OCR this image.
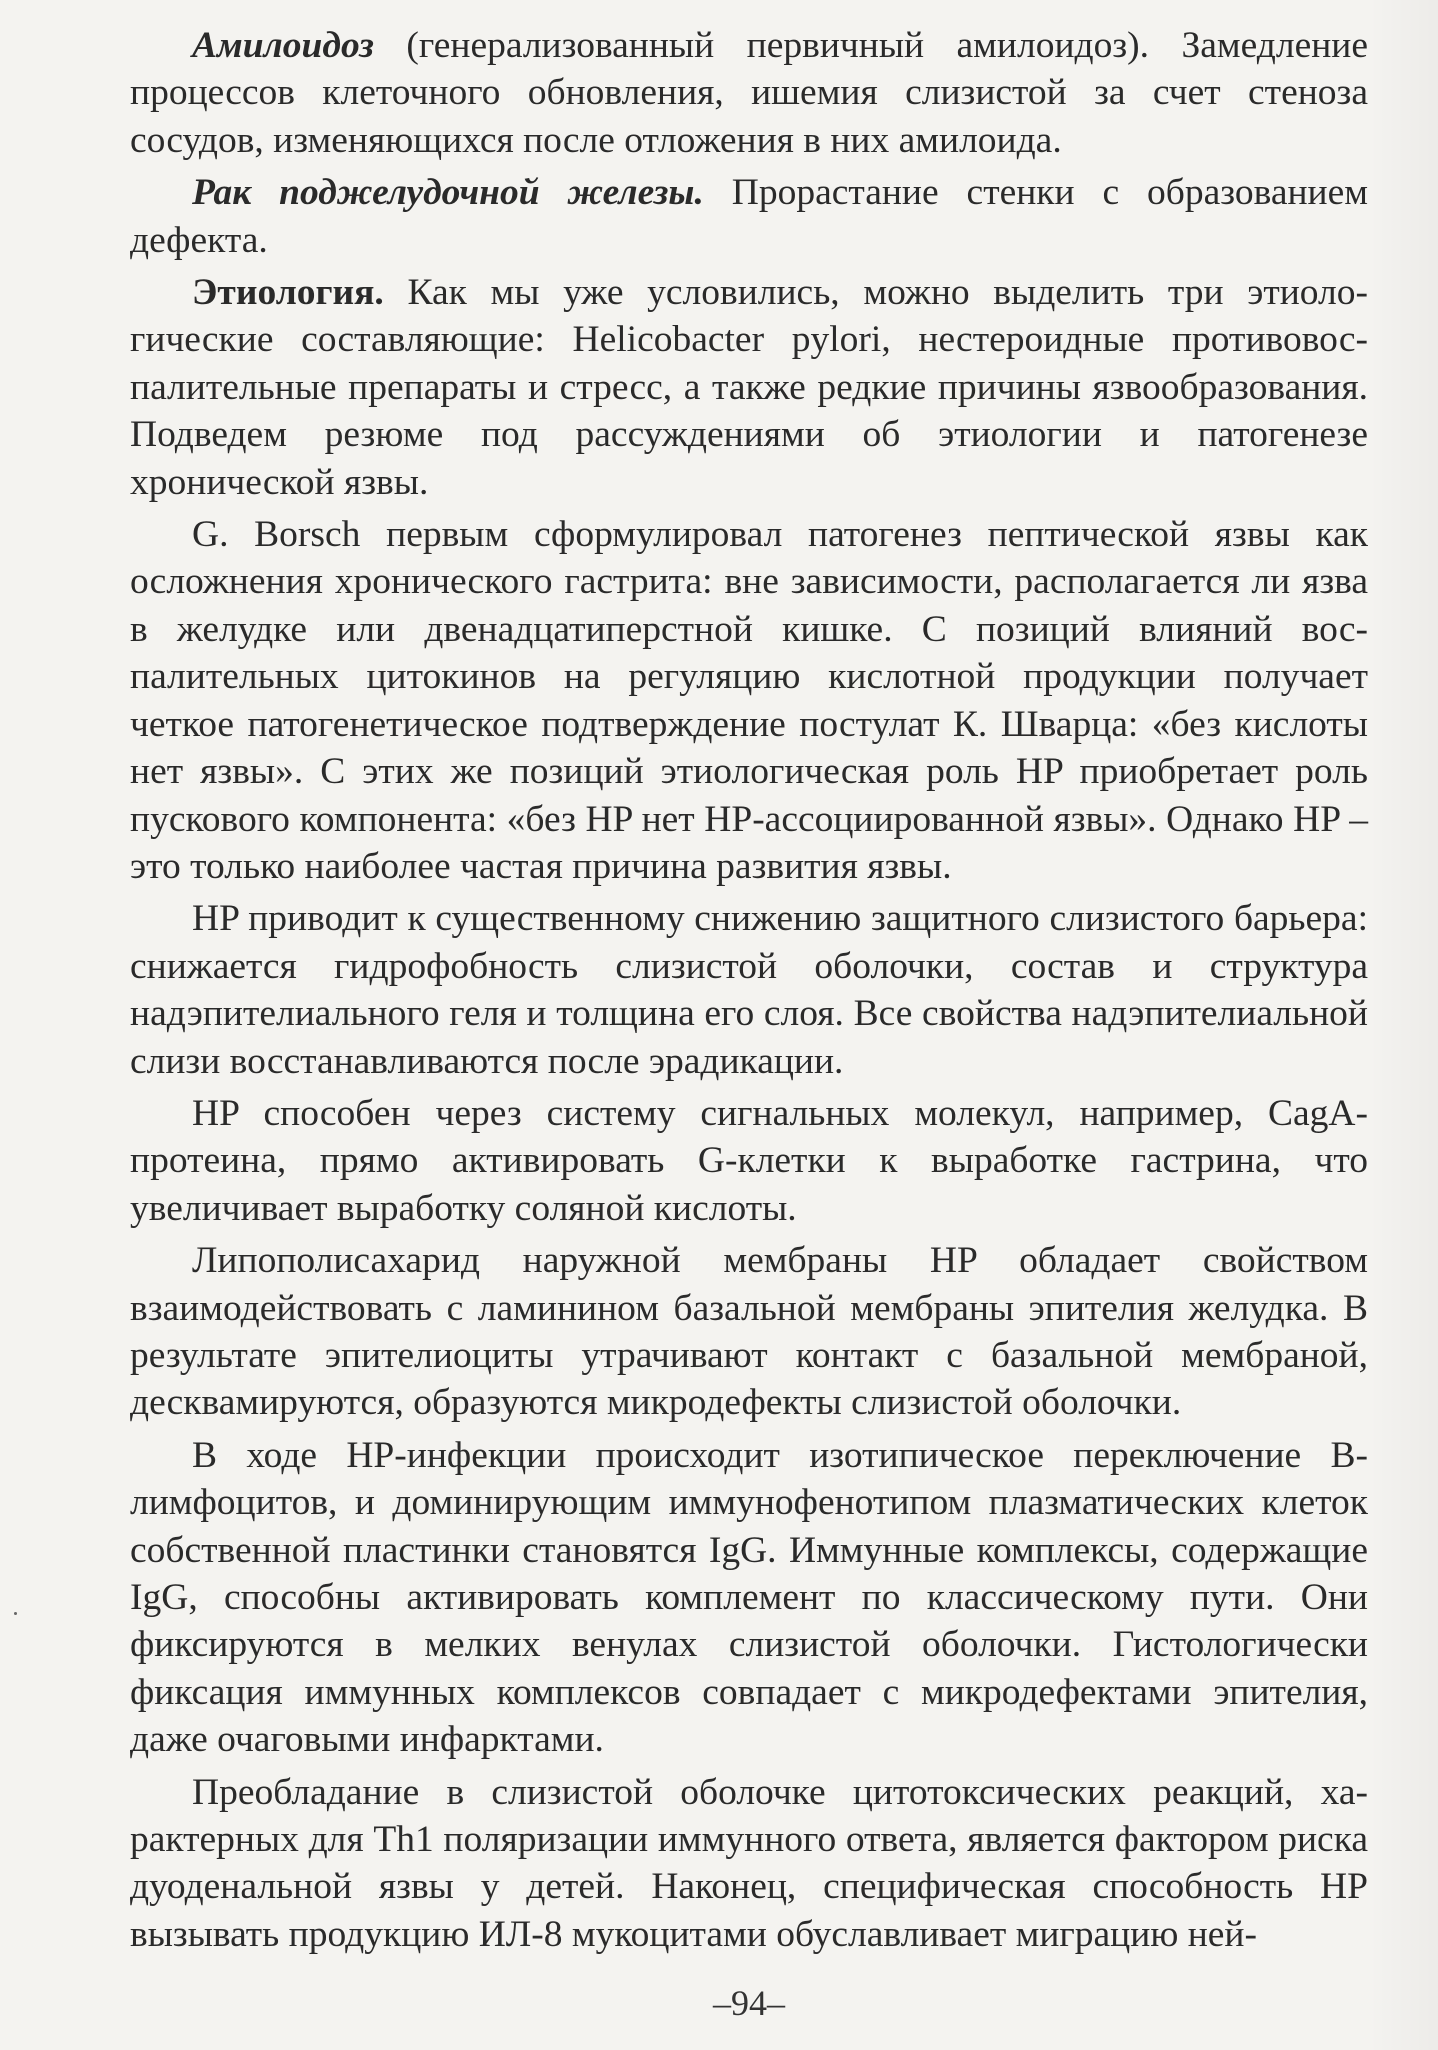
Амилоидоз (генерализованный первичный амилоидоз). Замедление процессов клеточного обновления, ишемия слизистой за счет стеноза сосудов, изменяющихся после отложения в них амилоида.

Рак поджелудочной железы. Прорастание стенки с образованием дефекта.

Этиология. Как мы уже условились, можно выделить три этиологические составляющие: Helicobacter pylori, нестероидные противовоспалительные препараты и стресс, а также редкие причины язвообразования. Подведем резюме под рассуждениями об этиологии и патогенезе хронической язвы.

G. Borsch первым сформулировал патогенез пептической язвы как осложнения хронического гастрита: вне зависимости, располагается ли язва в желудке или двенадцатиперстной кишке. С позиций влияний воспалительных цитокинов на регуляцию кислотной продукции получает четкое патогенетическое подтверждение постулат К. Шварца: «без кислоты нет язвы». С этих же позиций этиологическая роль HP приобретает роль пускового компонента: «без HP нет HP-ассоциированной язвы». Однако HP – это только наиболее частая причина развития язвы.

HP приводит к существенному снижению защитного слизистого барьера: снижается гидрофобность слизистой оболочки, состав и структура надэпителиального геля и толщина его слоя. Все свойства надэпителиальной слизи восстанавливаются после эрадикации.

HP способен через систему сигнальных молекул, например, CagA-протеина, прямо активировать G-клетки к выработке гастрина, что увеличивает выработку соляной кислоты.

Липополисахарид наружной мембраны HP обладает свойством взаимодействовать с ламинином базальной мембраны эпителия желудка. В результате эпителиоциты утрачивают контакт с базальной мембраной, десквамируются, образуются микродефекты слизистой оболочки.

В ходе HP-инфекции происходит изотипическое переключение B-лимфоцитов, и доминирующим иммунофенотипом плазматических клеток собственной пластинки становятся IgG. Иммунные комплексы, содержащие IgG, способны активировать комплемент по классическому пути. Они фиксируются в мелких венулах слизистой оболочки. Гистологически фиксация иммунных комплексов совпадает с микродефектами эпителия, даже очаговыми инфарктами.

Преобладание в слизистой оболочке цитотоксических реакций, характерных для Th1 поляризации иммунного ответа, является фактором риска дуоденальной язвы у детей. Наконец, специфическая способность HP вызывать продукцию ИЛ-8 мукоцитами обуславливает миграцию ней-

–94–
